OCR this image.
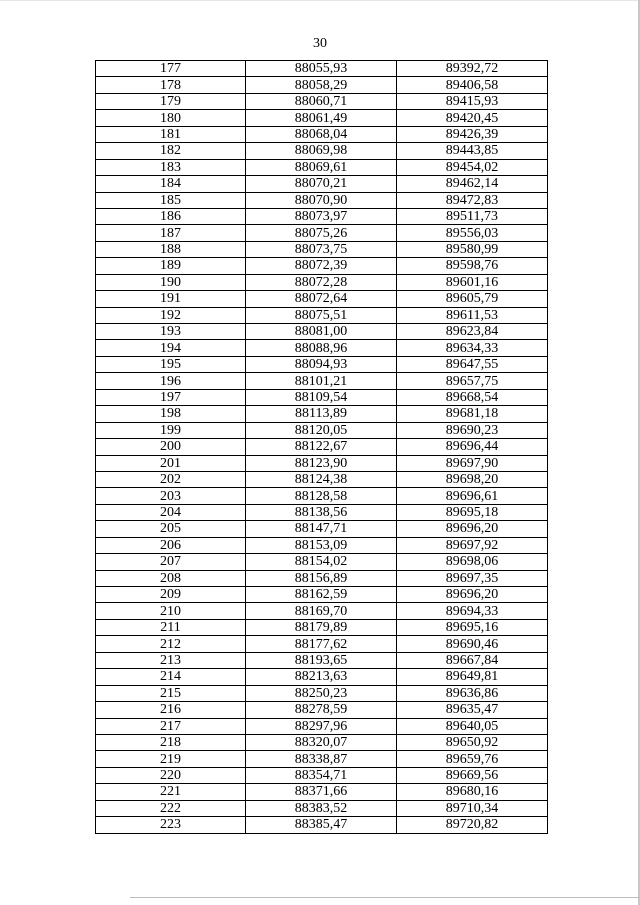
30
177	88055,93	89392,72
178	88058,29	89406,58
179	88060,71	89415,93
180	88061,49	89420,45
181	88068,04	89426,39
182	88069,98	89443,85
183	88069,61	89454,02
184	88070,21	89462,14
185	88070,90	89472,83
186	88073,97	89511,73
187	88075,26	89556,03
188	88073,75	89580,99
189	88072,39	89598,76
190	88072,28	89601,16
191	88072,64	89605,79
192	88075,51	89611,53
193	88081,00	89623,84
194	88088,96	89634,33
195	88094,93	89647,55
196	88101,21	89657,75
197	88109,54	89668,54
198	88113,89	89681,18
199	88120,05	89690,23
200	88122,67	89696,44
201	88123,90	89697,90
202	88124,38	89698,20
203	88128,58	89696,61
204	88138,56	89695,18
205	88147,71	89696,20
206	88153,09	89697,92
207	88154,02	89698,06
208	88156,89	89697,35
209	88162,59	89696,20
210	88169,70	89694,33
211	88179,89	89695,16
212	88177,62	89690,46
213	88193,65	89667,84
214	88213,63	89649,81
215	88250,23	89636,86
216	88278,59	89635,47
217	88297,96	89640,05
218	88320,07	89650,92
219	88338,87	89659,76
220	88354,71	89669,56
221	88371,66	89680,16
222	88383,52	89710,34
223	88385,47	89720,82
